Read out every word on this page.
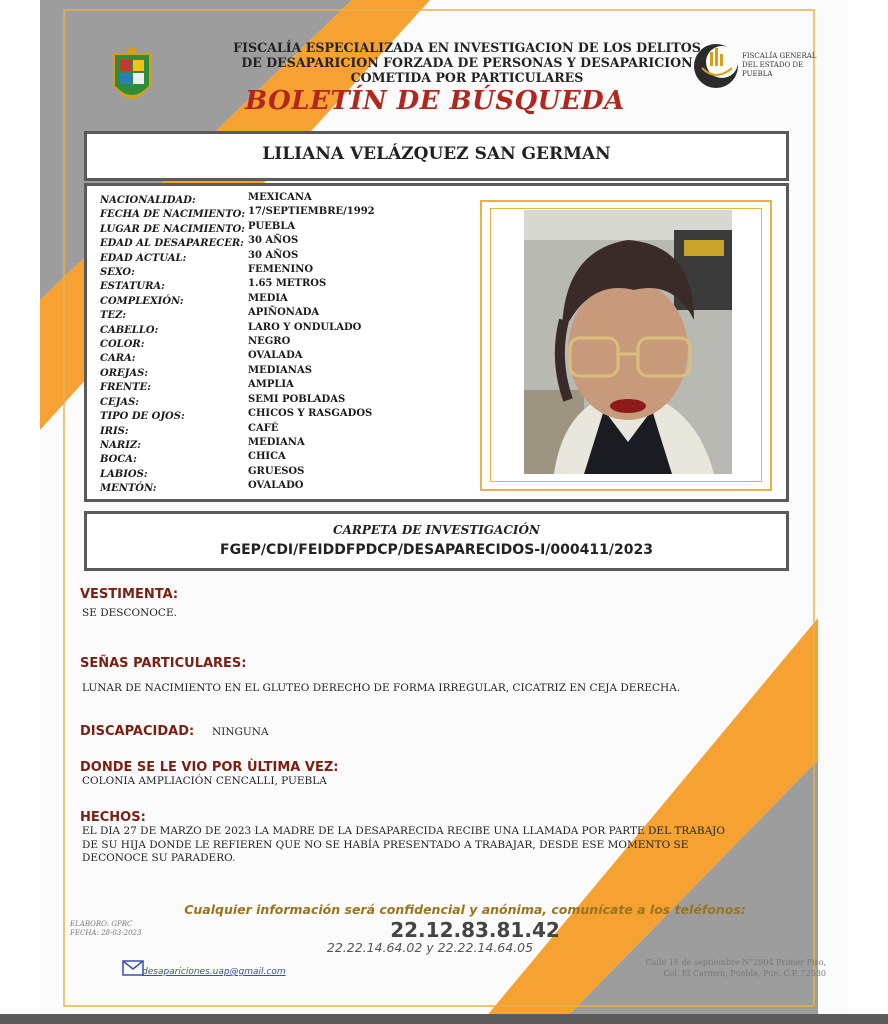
FISCALÍA ESPECIALIZADA EN INVESTIGACION DE LOS DELITOS
DE DESAPARICION FORZADA DE PERSONAS Y DESAPARICION
COMETIDA POR PARTICULARES
BOLETÍN DE BÚSQUEDA
FISCALÍA GENERAL
DEL ESTADO DE
PUEBLA
LILIANA VELÁZQUEZ SAN GERMAN
NACIONALIDAD:
FECHA DE NACIMIENTO:
LUGAR DE NACIMIENTO:
EDAD AL DESAPARECER:
EDAD ACTUAL:
SEXO:
ESTATURA:
COMPLEXIÓN:
TEZ:
CABELLO:
COLOR:
CARA:
OREJAS:
FRENTE:
CEJAS:
TIPO DE OJOS:
IRIS:
NARIZ:
BOCA:
LABIOS:
MENTÓN:
MEXICANA
17/SEPTIEMBRE/1992
PUEBLA
30 AÑOS
30 AÑOS
FEMENINO
1.65 METROS
MEDIA
APIÑONADA
LARO Y ONDULADO
NEGRO
OVALADA
MEDIANAS
AMPLIA
SEMI POBLADAS
CHICOS Y RASGADOS
CAFÉ
MEDIANA
CHICA
GRUESOS
OVALADO
CARPETA DE INVESTIGACIÓN
FGEP/CDI/FEIDDFPDCP/DESAPARECIDOS-I/000411/2023
VESTIMENTA:
SE DESCONOCE.
SEÑAS PARTICULARES:
LUNAR DE NACIMIENTO EN EL GLUTEO DERECHO DE FORMA IRREGULAR, CICATRIZ EN CEJA DERECHA.
DISCAPACIDAD: NINGUNA
DONDE SE LE VIO POR ÙLTIMA VEZ:
COLONIA AMPLIACIÓN CENCALLI, PUEBLA
HECHOS:
EL DIA 27 DE MARZO DE 2023 LA MADRE DE LA DESAPARECIDA RECIBE UNA LLAMADA POR PARTE DEL TRABAJO
DE SU HIJA DONDE LE REFIEREN QUE NO SE HABÍA PRESENTADO A TRABAJAR, DESDE ESE MOMENTO SE
DECONOCE SU PARADERO.
Cualquier información será confidencial y anónima, comunícate a los teléfonos:
22.12.83.81.42
22.22.14.64.02 y 22.22.14.64.05
ELABORO: GPRC
FECHA: 28-03-2023
desapariciones.uap@gmail.com
Calle 16 de septiembre N°2904 Primer Piso,
Col. El Carmen, Puebla, Pue. C.P. 72530
